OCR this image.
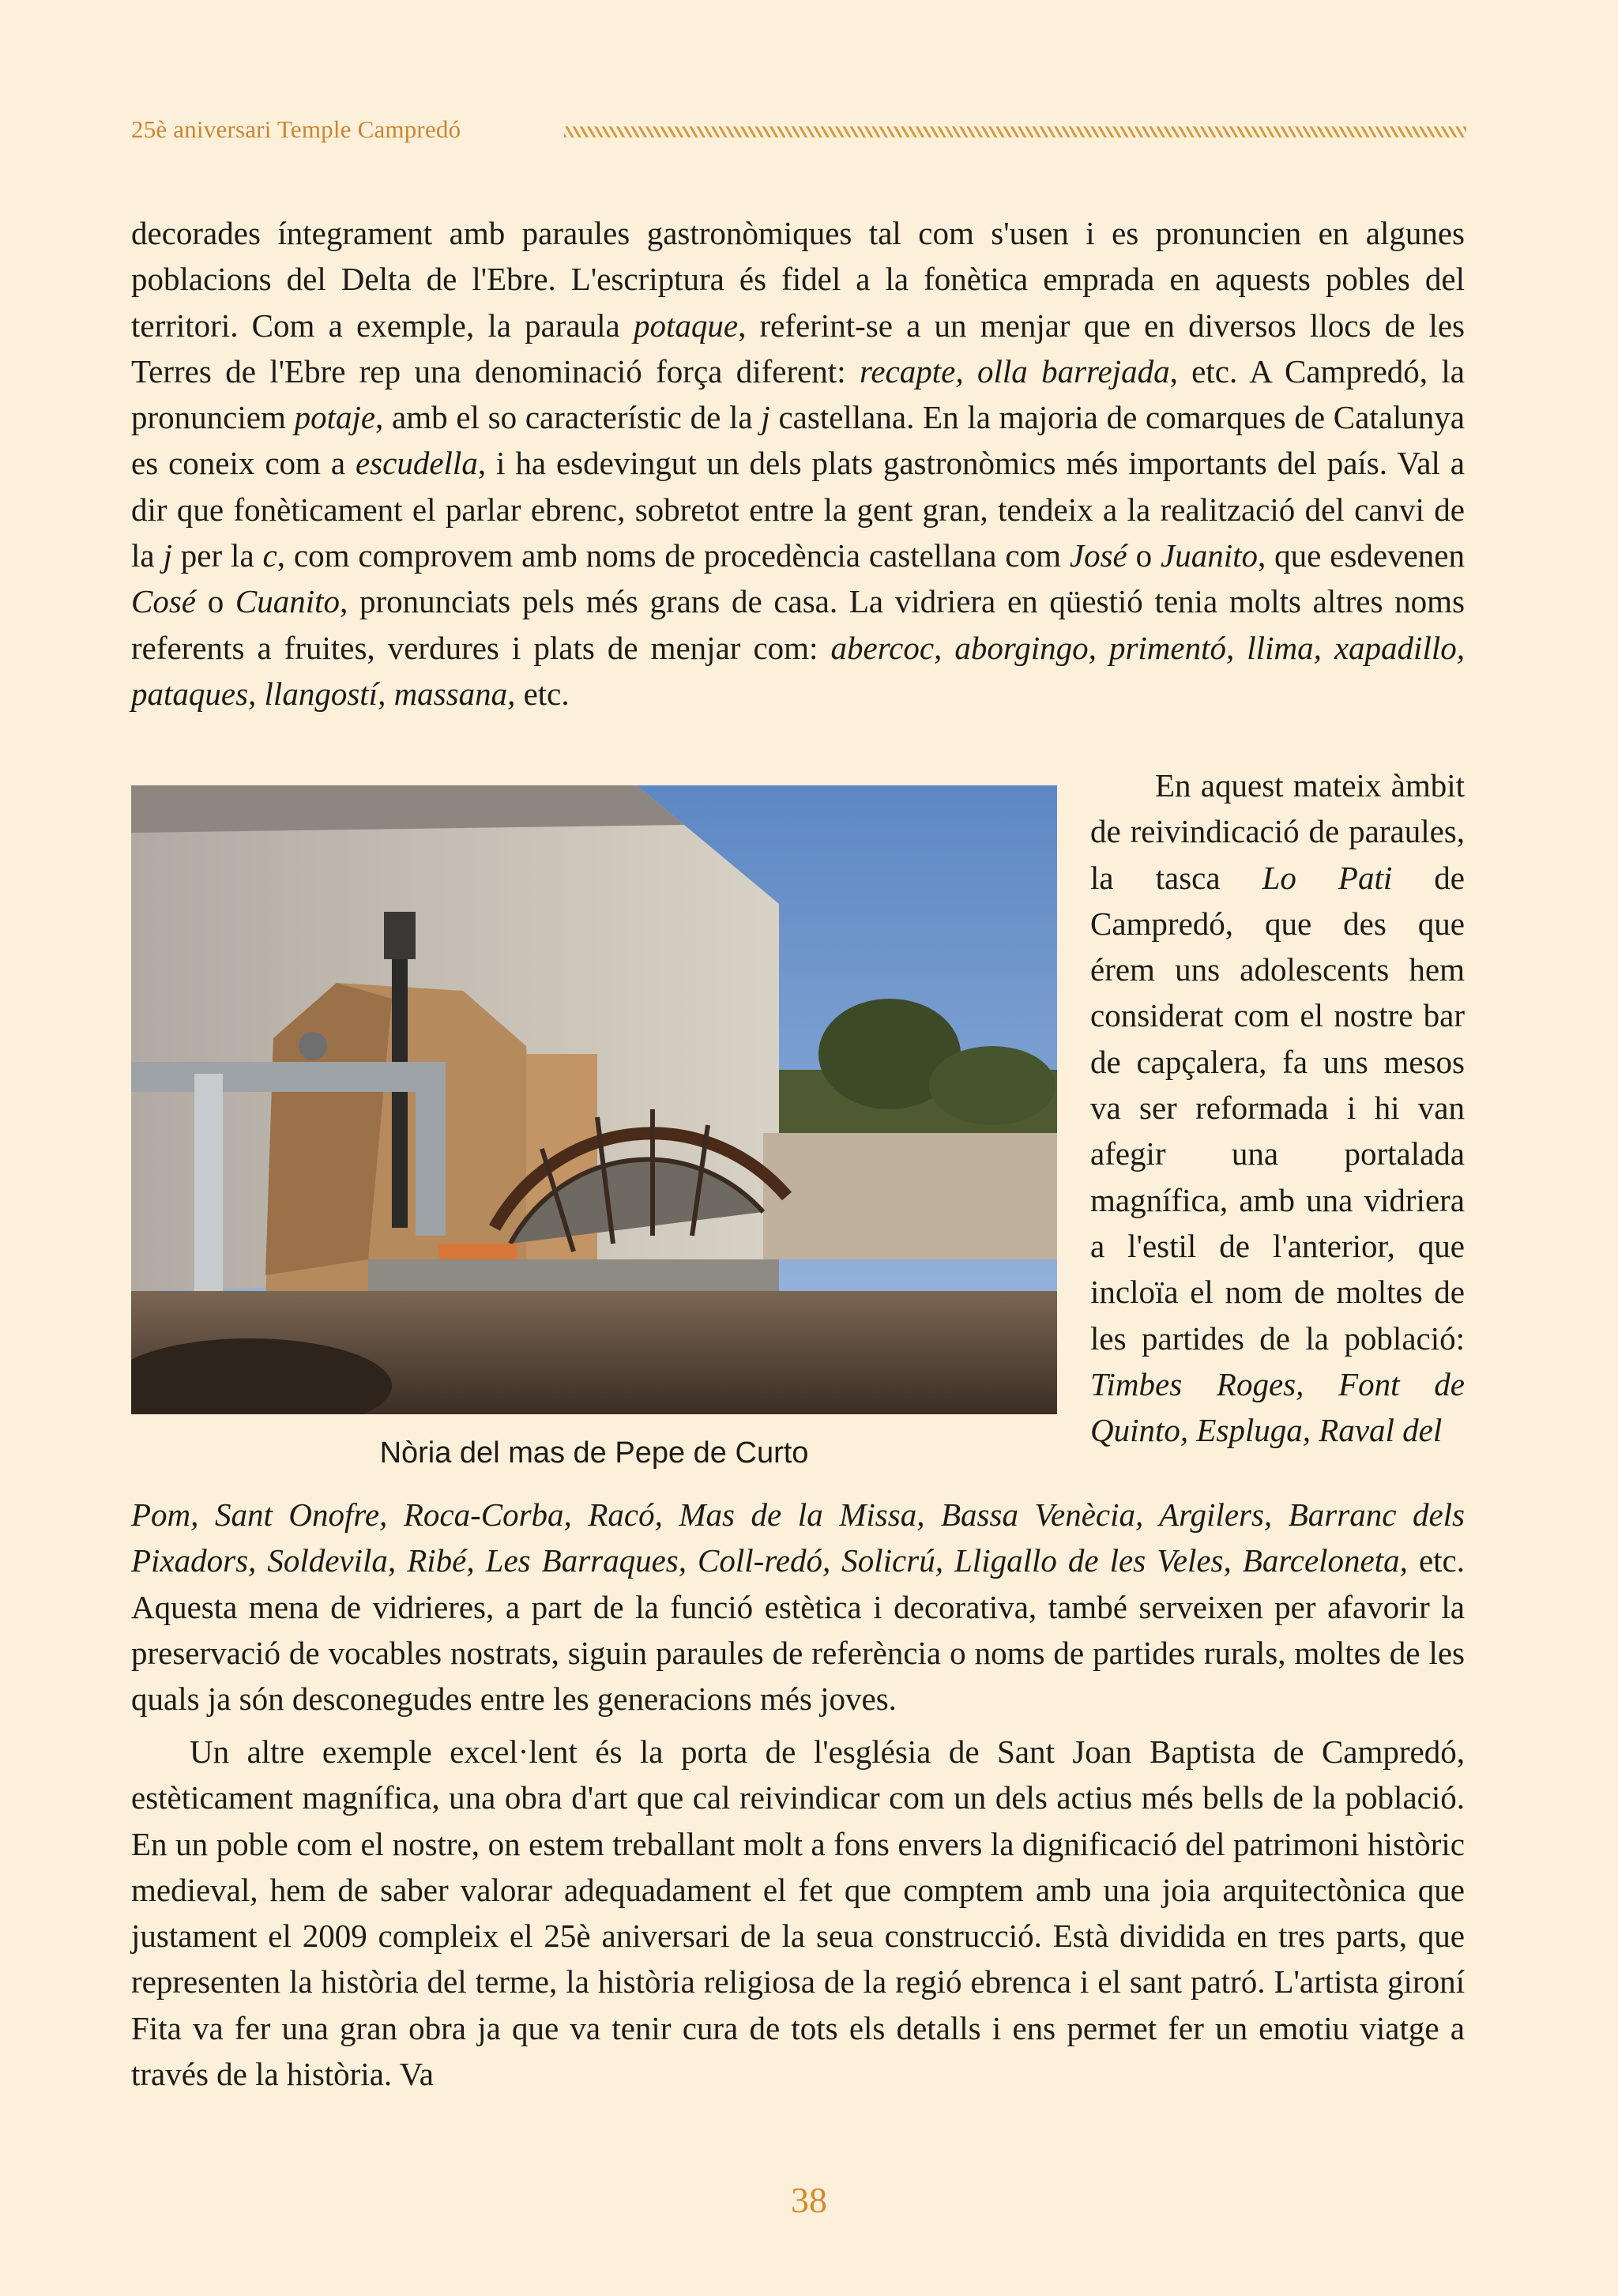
25è aniversari Temple Campredó

decorades íntegrament amb paraules gastronòmiques tal com s'usen i es pronuncien en algunes poblacions del Delta de l'Ebre. L'escriptura és fidel a la fonètica emprada en aquests pobles del territori. Com a exemple, la paraula potaque, referint-se a un menjar que en diversos llocs de les Terres de l'Ebre rep una denominació força diferent: recapte, olla barrejada, etc. A Campredó, la pronunciem potaje, amb el so característic de la j castellana. En la majoria de comarques de Catalunya es coneix com a escudella, i ha esdevingut un dels plats gastronòmics més importants del país. Val a dir que fonèticament el parlar ebrenc, sobretot entre la gent gran, tendeix a la realització del canvi de la j per la c, com comprovem amb noms de procedència castellana com José o Juanito, que esdevenen Cosé o Cuanito, pronunciats pels més grans de casa. La vidriera en qüestió tenia molts altres noms referents a fruites, verdures i plats de menjar com: abercoc, aborgingo, primentó, llima, xapadillo, pataques, llangostí, massana, etc.

Nòria del mas de Pepe de Curto

  En aquest mateix àmbit de reivindicació de paraules, la tasca Lo Pati de Campredó, que des que érem uns adolescents hem considerat com el nostre bar de capçalera, fa uns mesos va ser reformada i hi van afegir una portalada magnífica, amb una vidriera a l'estil de l'anterior, que incloïa el nom de moltes de les partides de la població: Timbes Roges, Font de Quinto, Espluga, Raval del

Pom, Sant Onofre, Roca-Corba, Racó, Mas de la Missa, Bassa Venècia, Argilers, Barranc dels Pixadors, Soldevila, Ribé, Les Barraques, Coll-redó, Solicrú, Lligallo de les Veles, Barceloneta, etc. Aquesta mena de vidrieres, a part de la funció estètica i decorativa, també serveixen per afavorir la preservació de vocables nostrats, siguin paraules de referència o noms de partides rurals, moltes de les quals ja són desconegudes entre les generacions més joves.

Un altre exemple excel·lent és la porta de l'església de Sant Joan Baptista de Campredó, estèticament magnífica, una obra d'art que cal reivindicar com un dels actius més bells de la població. En un poble com el nostre, on estem treballant molt a fons envers la dignificació del patrimoni històric medieval, hem de saber valorar adequadament el fet que comptem amb una joia arquitectònica que justament el 2009 compleix el 25è aniversari de la seua construcció. Està dividida en tres parts, que representen la història del terme, la història religiosa de la regió ebrenca i el sant patró. L'artista gironí Fita va fer una gran obra ja que va tenir cura de tots els detalls i ens permet fer un emotiu viatge a través de la història. Va

38
